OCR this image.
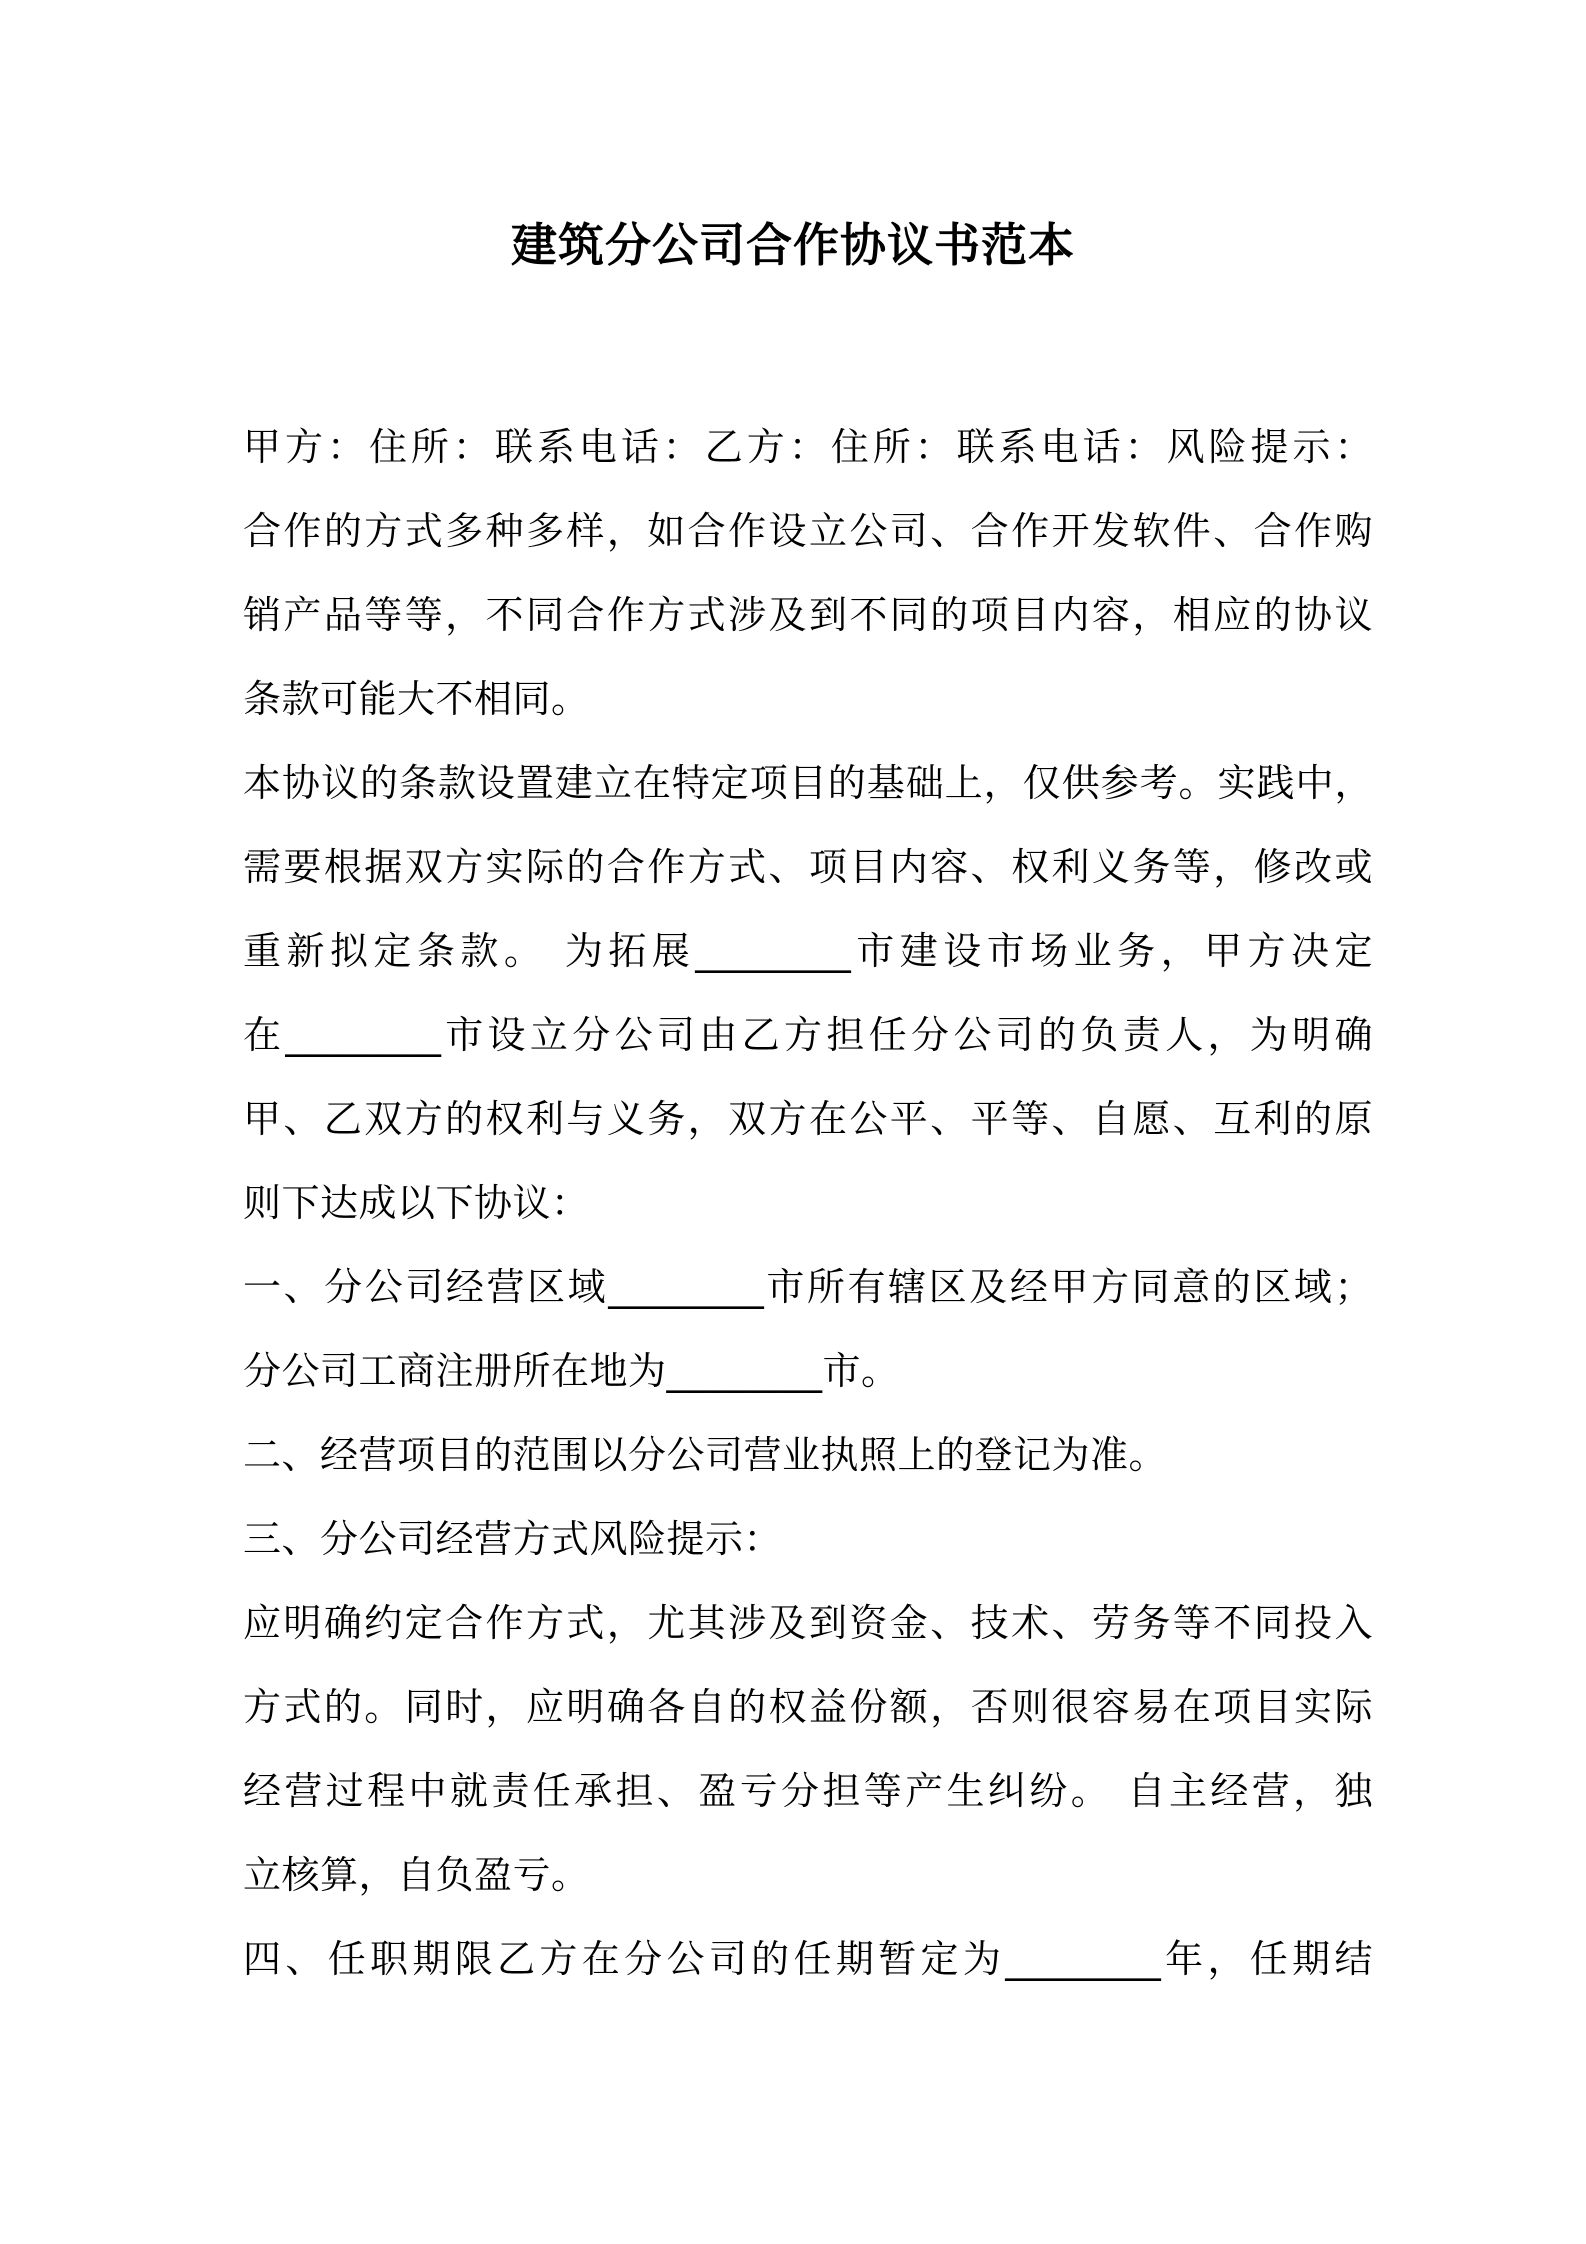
建筑分公司合作协议书范本
甲方：住所：联系电话：乙方：住所：联系电话：风险提示：
合作的方式多种多样，如合作设立公司、合作开发软件、合作购
销产品等等，不同合作方式涉及到不同的项目内容，相应的协议
条款可能大不相同。
本协议的条款设置建立在特定项目的基础上，仅供参考。实践中，
需要根据双方实际的合作方式、项目内容、权利义务等，修改或
重新拟定条款。 为拓展________市建设市场业务，甲方决定
在________市设立分公司由乙方担任分公司的负责人，为明确
甲、乙双方的权利与义务，双方在公平、平等、自愿、互利的原
则下达成以下协议：
一、分公司经营区域________市所有辖区及经甲方同意的区域；
分公司工商注册所在地为________市。
二、经营项目的范围以分公司营业执照上的登记为准。
三、分公司经营方式风险提示：
应明确约定合作方式，尤其涉及到资金、技术、劳务等不同投入
方式的。同时，应明确各自的权益份额，否则很容易在项目实际
经营过程中就责任承担、盈亏分担等产生纠纷。 自主经营，独
立核算，自负盈亏。
四、任职期限乙方在分公司的任期暂定为________年，任期结
